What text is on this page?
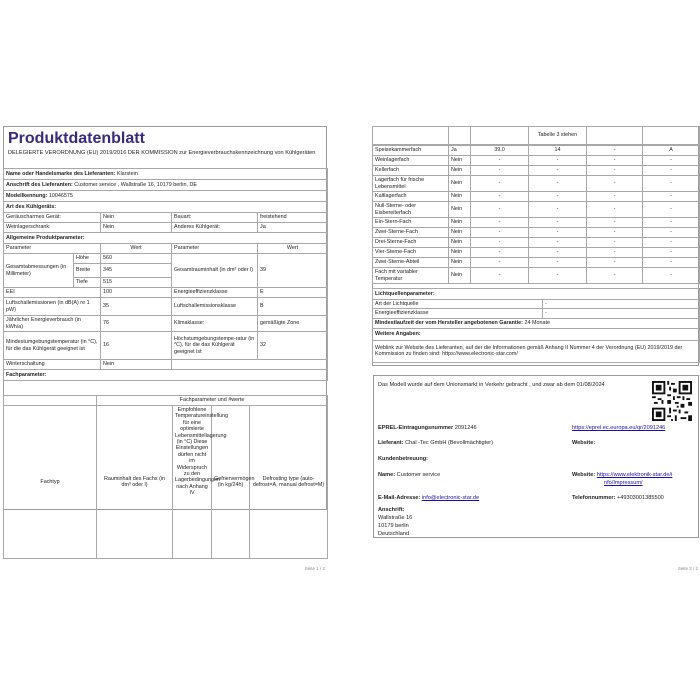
Produktdatenblatt
DELEGIERTE VERORDNUNG (EU) 2019/2016 DER KOMMISSION zur Energieverbrauchskennzeichnung von Kühlgeräten
Name oder Handelsmarke des Lieferanten: Klarstein				
Anschrift des Lieferanten: Customer service , Wallstraße 16, 10179 berlin, DE				
Modellkennung: 10046575				
Art des Kühlgeräts:				
Geräuscharmes Gerät:		Nein	Bauart:	freistehend
Weinlagerschrank:		Nein	Anderes Kühlgerät:	Ja
Allgemeine Produktparameter:				
Parameter		Wert	Parameter	Wert
Gesamtabmessungen (in Millimeter)	Höhe	560	Gesamtrauminhalt (in dm³ oder l)	39
	Breite	345		
	Tiefe	515		
EEI		100	Energieeffizienzklasse	E
Luftschallemissionen (in dB(A) re 1 pW)		35	Luftschallemissionsklasse	B
Jährlicher Energieverbrauch (in kWh/a)		76	Klimaklasse:	gemäßigte Zone
Mindestumgebungstemperatur (in °C), für die das Kühlgerät geeignet ist		16	Höchstumgebungstempe-ratur (in °C), für die das Kühlgerät geeignet ist	32
Winterschaltung		Nein		
Fachparameter:				
	Fachparameter und #werte			
Fachtyp	Rauminhalt des Fachs (in dm³ oder l)	Empfohlene Temperatureinstellung für eine optimierte Lebensmittellagerung (in °C) Diese Einstellungen dürfen nicht im Widerspruch zu den Lagerbedingungen nach Anhang IV	Gefriervermögen (in kg/24h)	Defrosting type (auto-defrost=A, manual defrost=M)
Seite 1 / 2
			Tabelle 3 stehen		
Speisekammerfach	Ja	39,0	14	-	A
Weinlagerfach	Nein	-	-	-	-
Kellerfach	Nein	-	-	-	-
Lagerfach für frische Lebensmittel	Nein	-	-	-	-
Kaltlagerfach	Nein	-	-	-	-
Null-Sterne- oder Eisbereiterfach	Nein	-	-	-	-
Ein-Stern-Fach	Nein	-	-	-	-
Zwei-Sterne-Fach	Nein	-	-	-	-
Drei-Sterne-Fach	Nein	-	-	-	-
Vier-Sterne-Fach	Nein	-	-	-	-
Zwei-Sterne-Abteil	Nein	-	-	-	-
Fach mit variabler Temperatur	Nein	-	-	-	-
Lichtquellenparameter:	
Art der Lichtquelle	-
Energieeffizienzklasse	-
Mindestlaufzeit der vom Hersteller angebotenen Garantie: 24 Monate	
Weitere Angaben:	
Weblink zur Website des Lieferanten, auf der die Informationen gemäß Anhang II Nummer 4 der Verordnung (EU) 2019/2019 der Kommission zu finden sind: https://www.electronic-star.com/	
Das Modell wurde auf dem Unionsmarkt in Verkehr gebracht , und zwar ab dem 01/08/2024
EPREL-Eintragungsnummer 2091246	https://eprel.ec.europa.eu/qr/2091246
Lieferant: Chal -Tec GmbH (Bevollmächtigter)	Website:
Kundenbetreuung:
Name: Customer service	Website: https://www.elektronik-star.de/i
nfo/Impressum/
E-Mail-Adresse: info@electronic-star.de	Telefonnummer: +49303001385500
Anschrift:
Wallstraße 16
10179 berlin
Deutschland
Seite 2 / 2
